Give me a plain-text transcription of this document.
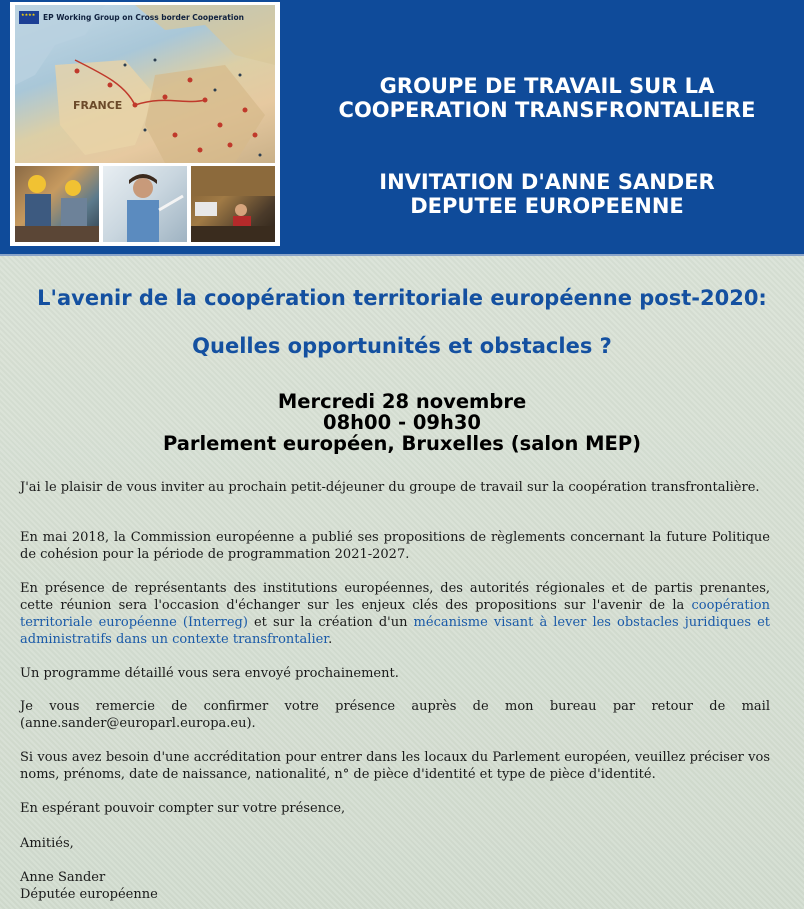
FRANCE
★★★★
EP Working Group on Cross border Cooperation
GROUPE DE TRAVAIL SUR LA
COOPERATION TRANSFRONTALIERE
INVITATION D'ANNE SANDER
DEPUTEE EUROPEENNE
L'avenir de la coopération territoriale européenne post-2020:
Quelles opportunités et obstacles ?
Mercredi 28 novembre
08h00 - 09h30
Parlement européen, Bruxelles (salon MEP)

J'ai le plaisir de vous inviter au prochain petit-déjeuner du groupe de travail sur la coopération transfrontalière.

En mai 2018, la Commission européenne a publié ses propositions de règlements concernant la future Politique de cohésion pour la période de programmation 2021-2027.

En présence de représentants des institutions européennes, des autorités régionales et de partis prenantes, cette réunion sera l'occasion d'échanger sur les enjeux clés des propositions sur l'avenir de la coopération territoriale européenne (Interreg) et sur la création d'un mécanisme visant à lever les obstacles juridiques et administratifs dans un contexte transfrontalier.

Un programme détaillé vous sera envoyé prochainement.

Je vous remercie de confirmer votre présence auprès de mon bureau par retour de mail (anne.sander@europarl.europa.eu).

Si vous avez besoin d'une accréditation pour entrer dans les locaux du Parlement européen, veuillez préciser vos noms, prénoms, date de naissance, nationalité, n° de pièce d'identité et type de pièce d'identité.

En espérant pouvoir compter sur votre présence,

Amitiés,

Anne Sander
Députée européenne
